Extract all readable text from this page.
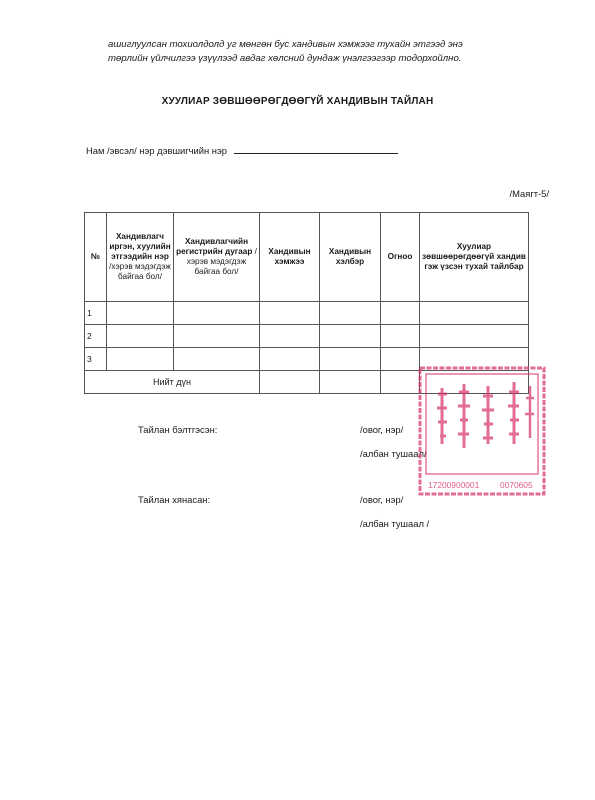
ашиглуулсан тохиолдолд уг мөнгөн бус хандивын хэмжээг тухайн этгээд энэ
төрлийн үйлчилгээ үзүүлээд авдаг хөлсний дундаж үнэлгээгээр тодорхойлно.
ХУУЛИАР ЗӨВШӨӨРӨГДӨӨГҮЙ ХАНДИВЫН ТАЙЛАН
Нам /эвсэл/ нэр дэвшигчийн нэр
/Маягт-5/
№	Хандивлагч иргэн, хуулийн этгээдийн нэр /хэрэв мэдэгдэж байгаа бол/	Хандивлагчийн регистрийн дугаар /хэрэв мэдэгдэж байгаа бол/	Хандивын хэмжээ	Хандивын хэлбэр	Огноо	Хуулиар зөвшөөрөгдөөгүй хандив гэж үзсэн тухай тайлбар
1						
2						
3						
Нийт дүн						
Тайлан бэлтгэсэн:	/овог, нэр/
/албан тушаал/
Тайлан хянасан:	/овог, нэр/
/албан тушаал /
17200900001 0070605
